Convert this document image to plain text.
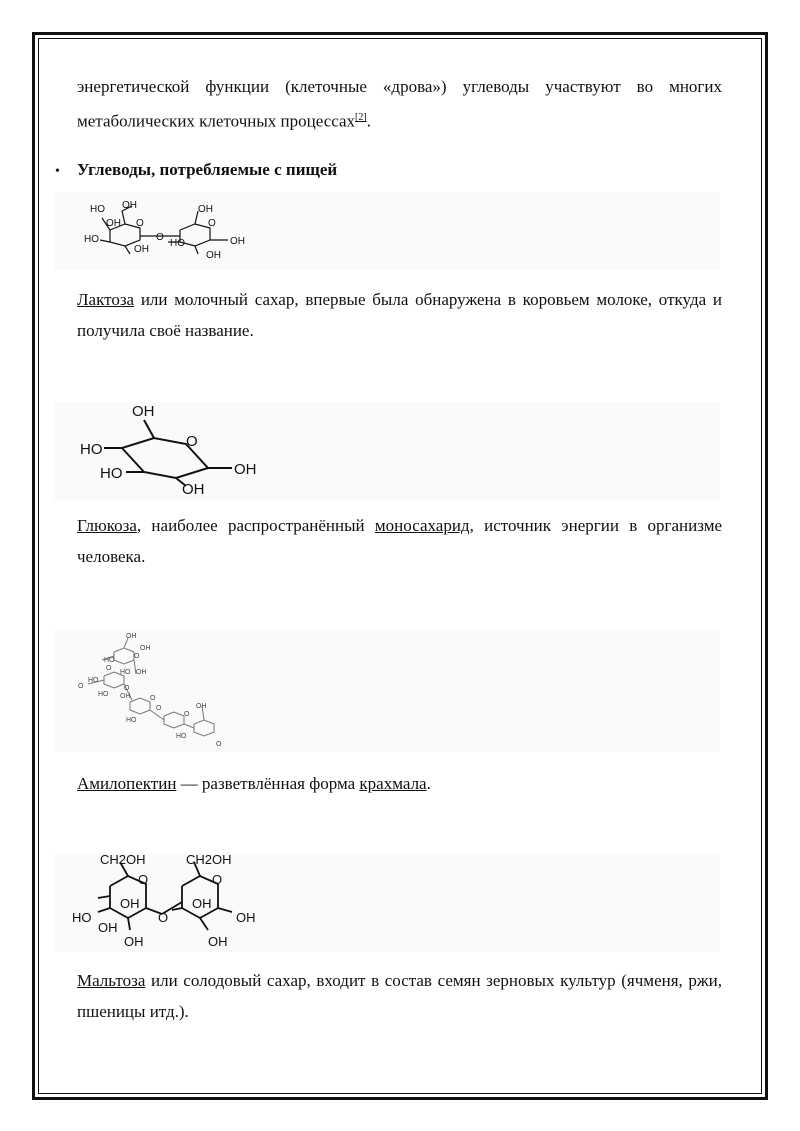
энергетической функции (клеточные «дрова») углеводы участвуют во многих
метаболических клеточных процессах[2].
• Углеводы, потребляемые с пищей
HO OH
O
HO
OH
OH
O
HO
OH
O
OH
OH
Лактоза или молочный сахар, впервые была обнаружена в коровьем молоке, откуда и получила своё название.
OH
O
HO
HO
OH
OH
Глюкоза, наиболее распространённый моносахарид, источник энергии в организме человека.
OH
OH
O
HO
O
HO OH
HO
O	O
HO OH	O
O
HO
OH
O
HO
O
Амилопектин — разветвлённая форма крахмала.
CH2OH	CH2OH
O	O
OH	OH
HO	O
OH
OH
OH	OH
Мальтоза или солодовый сахар, входит в состав семян зерновых культур (ячменя, ржи, пшеницы итд.).
